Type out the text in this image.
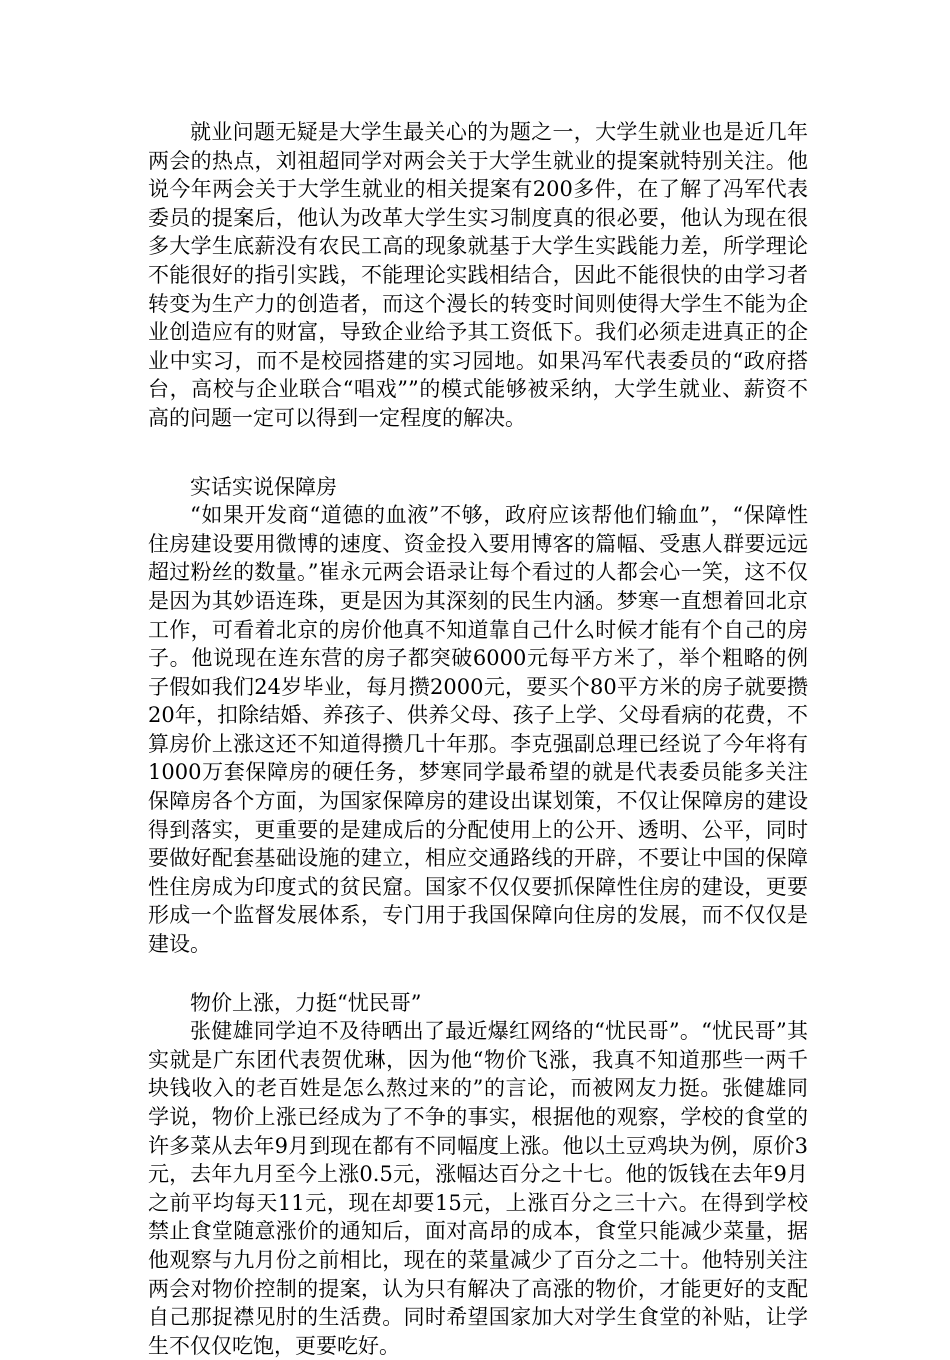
就业问题无疑是大学生最关心的为题之一，大学生就业也是近几年两会的热点，刘祖超同学对两会关于大学生就业的提案就特别关注。他说今年两会关于大学生就业的相关提案有200多件，在了解了冯军代表委员的提案后，他认为改革大学生实习制度真的很必要，他认为现在很多大学生底薪没有农民工高的现象就基于大学生实践能力差，所学理论不能很好的指引实践，不能理论实践相结合，因此不能很快的由学习者转变为生产力的创造者，而这个漫长的转变时间则使得大学生不能为企业创造应有的财富，导致企业给予其工资低下。我们必须走进真正的企业中实习，而不是校园搭建的实习园地。如果冯军代表委员的“政府搭台，高校与企业联合“唱戏””的模式能够被采纳，大学生就业、薪资不高的问题一定可以得到一定程度的解决。

实话实说保障房

“如果开发商“道德的血液”不够，政府应该帮他们输血”，“保障性住房建设要用微博的速度、资金投入要用博客的篇幅、受惠人群要远远超过粉丝的数量。”崔永元两会语录让每个看过的人都会心一笑，这不仅是因为其妙语连珠，更是因为其深刻的民生内涵。梦寒一直想着回北京工作，可看着北京的房价他真不知道靠自己什么时候才能有个自己的房子。他说现在连东营的房子都突破6000元每平方米了，举个粗略的例子假如我们24岁毕业，每月攒2000元，要买个80平方米的房子就要攒20年，扣除结婚、养孩子、供养父母、孩子上学、父母看病的花费，不算房价上涨这还不知道得攒几十年那。李克强副总理已经说了今年将有1000万套保障房的硬任务，梦寒同学最希望的就是代表委员能多关注保障房各个方面，为国家保障房的建设出谋划策，不仅让保障房的建设得到落实，更重要的是建成后的分配使用上的公开、透明、公平，同时要做好配套基础设施的建立，相应交通路线的开辟，不要让中国的保障性住房成为印度式的贫民窟。国家不仅仅要抓保障性住房的建设，更要形成一个监督发展体系，专门用于我国保障向住房的发展，而不仅仅是建设。

物价上涨，力挺“忧民哥”

张健雄同学迫不及待晒出了最近爆红网络的“忧民哥”。“忧民哥”其实就是广东团代表贺优琳，因为他“物价飞涨，我真不知道那些一两千块钱收入的老百姓是怎么熬过来的”的言论，而被网友力挺。张健雄同学说，物价上涨已经成为了不争的事实，根据他的观察，学校的食堂的许多菜从去年9月到现在都有不同幅度上涨。他以土豆鸡块为例，原价3元，去年九月至今上涨0.5元，涨幅达百分之十七。他的饭钱在去年9月之前平均每天11元，现在却要15元，上涨百分之三十六。在得到学校禁止食堂随意涨价的通知后，面对高昂的成本，食堂只能减少菜量，据他观察与九月份之前相比，现在的菜量减少了百分之二十。他特别关注两会对物价控制的提案，认为只有解决了高涨的物价，才能更好的支配自己那捉襟见肘的生活费。同时希望国家加大对学生食堂的补贴，让学生不仅仅吃饱，更要吃好。
